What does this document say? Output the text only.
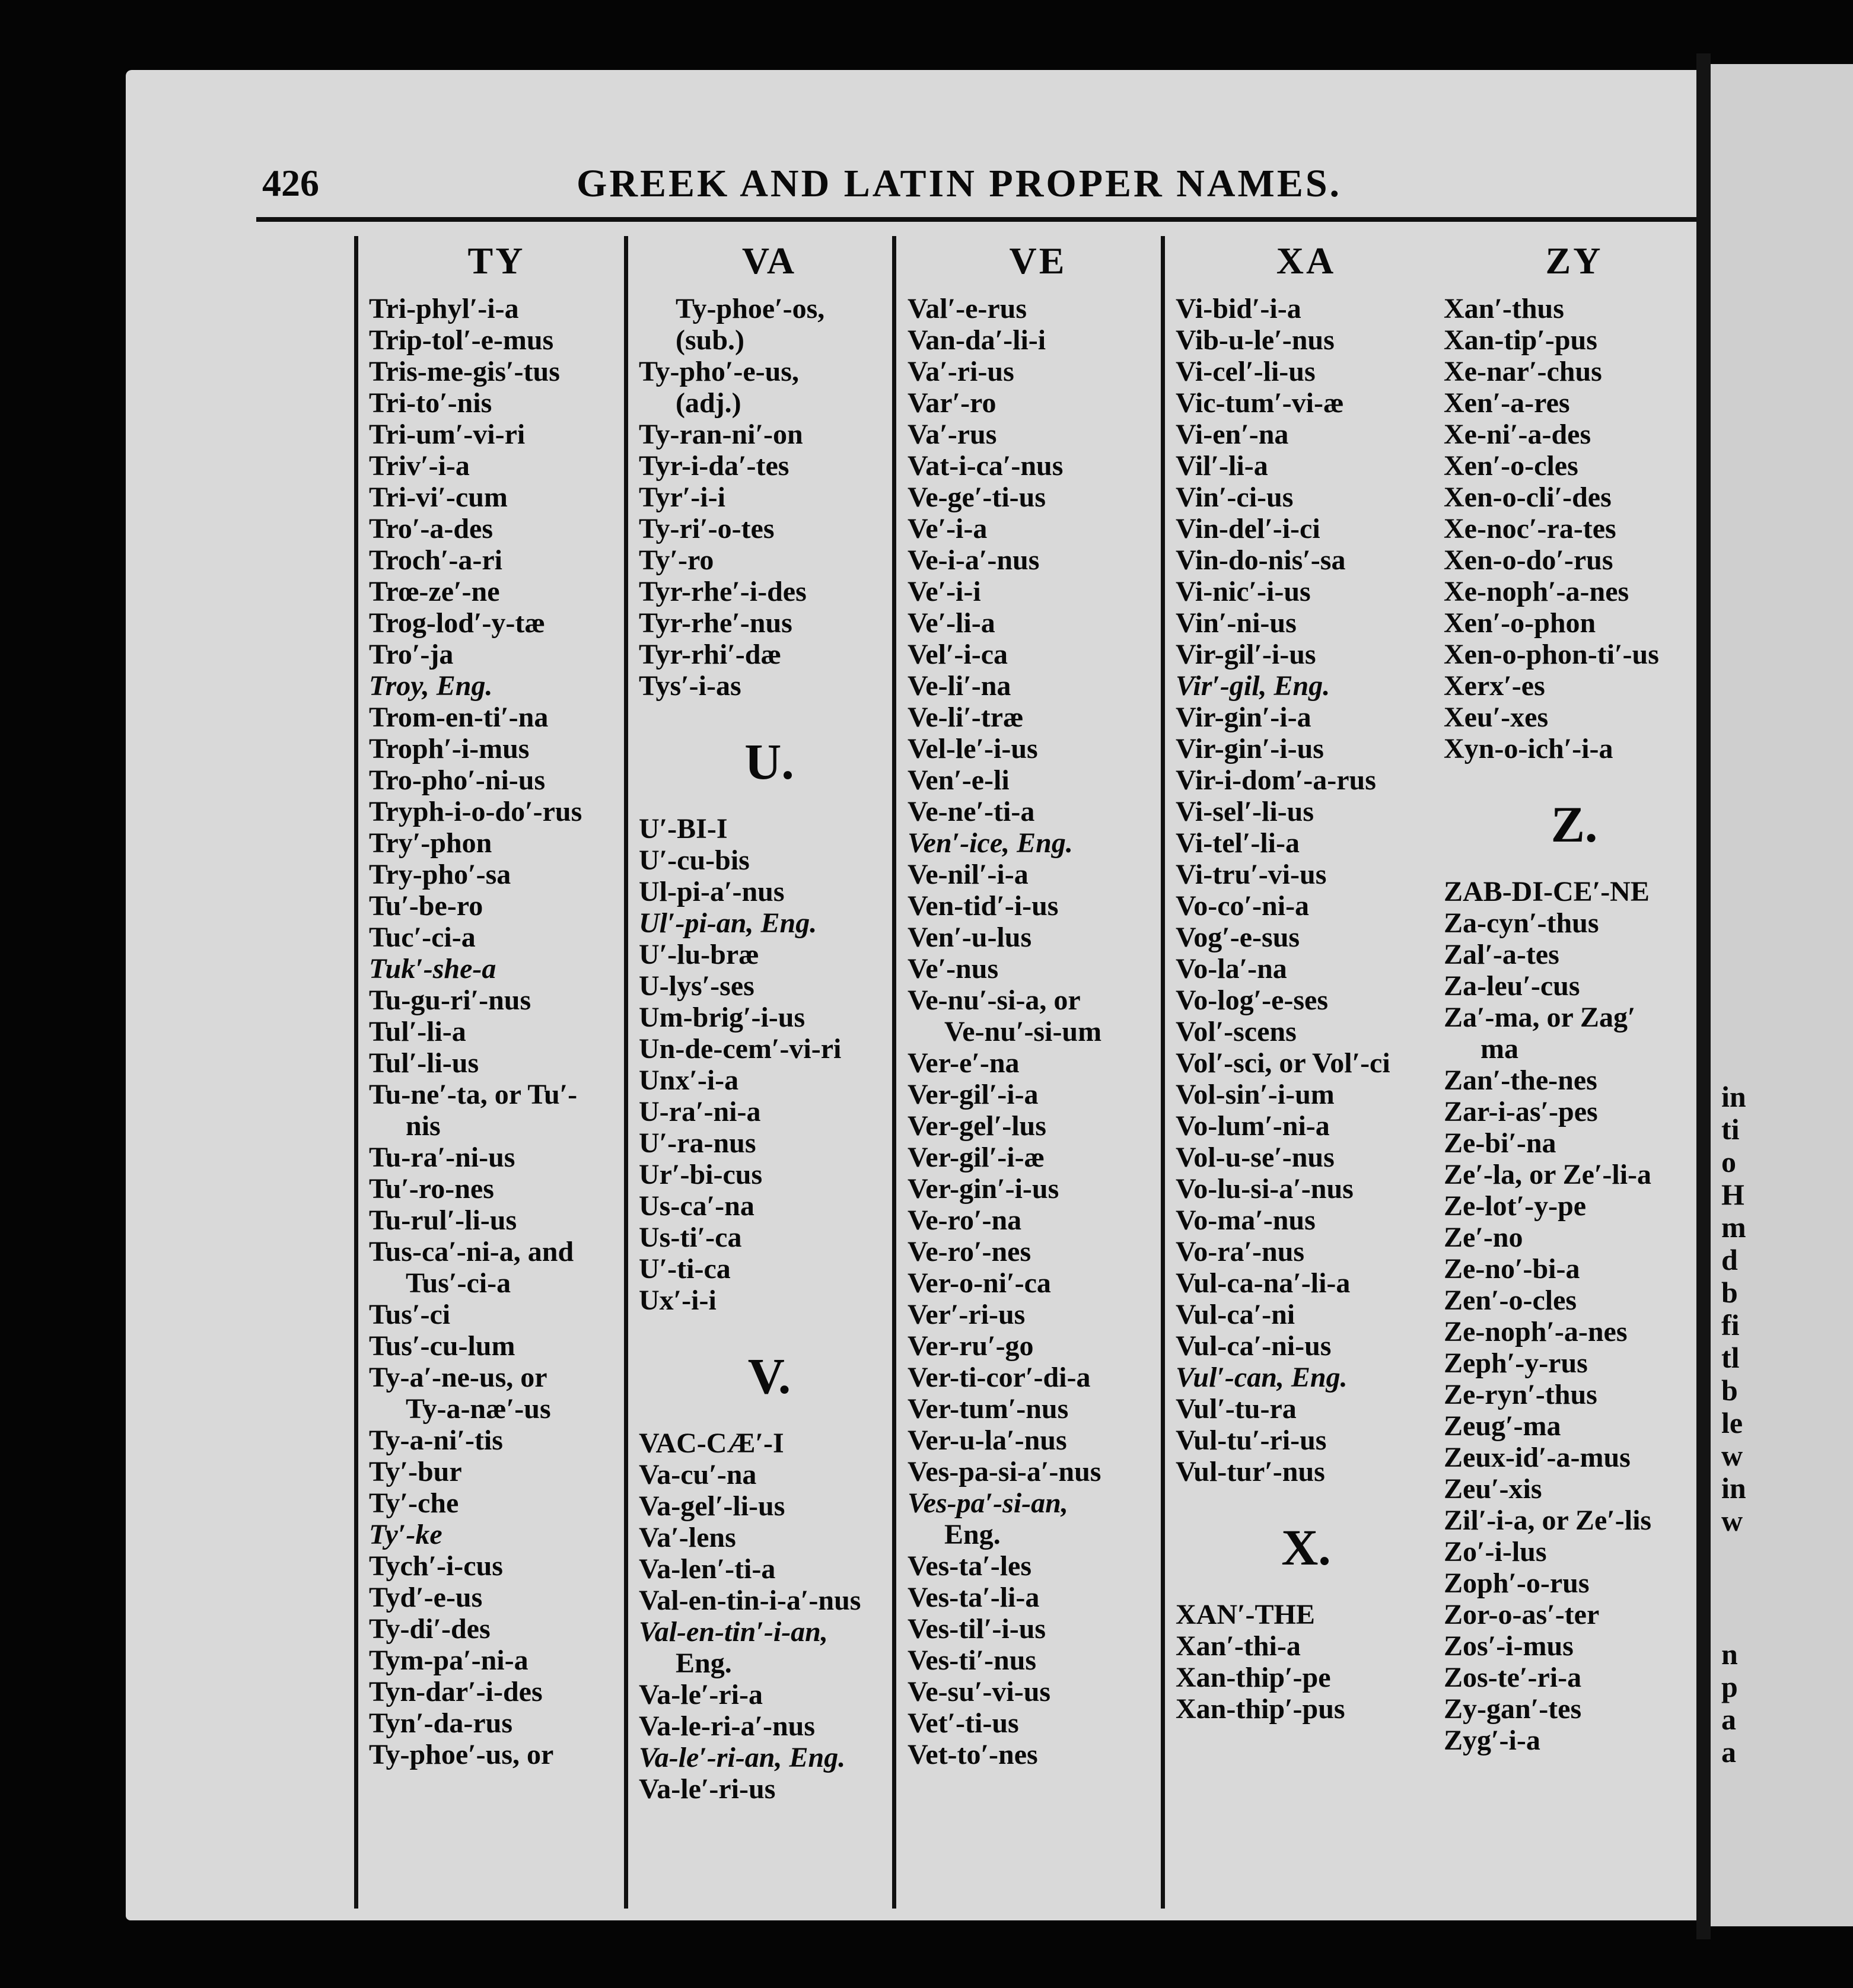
426	GREEK AND LATIN PROPER NAMES.
TY
Tri-phyl′-i-a
Trip-tol′-e-mus
Tris-me-gis′-tus
Tri-to′-nis
Tri-um′-vi-ri
Triv′-i-a
Tri-vi′-cum
Tro′-a-des
Troch′-a-ri
Trœ-ze′-ne
Trog-lod′-y-tæ
Tro′-ja
Troy, Eng.
Trom-en-ti′-na
Troph′-i-mus
Tro-pho′-ni-us
Tryph-i-o-do′-rus
Try′-phon
Try-pho′-sa
Tu′-be-ro
Tuc′-ci-a
Tuk′-she-a
Tu-gu-ri′-nus
Tul′-li-a
Tul′-li-us
Tu-ne′-ta, or Tu′-
nis
Tu-ra′-ni-us
Tu′-ro-nes
Tu-rul′-li-us
Tus-ca′-ni-a, and
Tus′-ci-a
Tus′-ci
Tus′-cu-lum
Ty-a′-ne-us, or
Ty-a-næ′-us
Ty-a-ni′-tis
Ty′-bur
Ty′-che
Ty′-ke
Tych′-i-cus
Tyd′-e-us
Ty-di′-des
Tym-pa′-ni-a
Tyn-dar′-i-des
Tyn′-da-rus
Ty-phoe′-us, or
VA
Ty-phoe′-os,
(sub.)
Ty-pho′-e-us,
(adj.)
Ty-ran-ni′-on
Tyr-i-da′-tes
Tyr′-i-i
Ty-ri′-o-tes
Ty′-ro
Tyr-rhe′-i-des
Tyr-rhe′-nus
Tyr-rhi′-dæ
Tys′-i-as
U.
U′-BI-I
U′-cu-bis
Ul-pi-a′-nus
Ul′-pi-an, Eng.
U′-lu-bræ
U-lys′-ses
Um-brig′-i-us
Un-de-cem′-vi-ri
Unx′-i-a
U-ra′-ni-a
U′-ra-nus
Ur′-bi-cus
Us-ca′-na
Us-ti′-ca
U′-ti-ca
Ux′-i-i
V.
VAC-CÆ′-I
Va-cu′-na
Va-gel′-li-us
Va′-lens
Va-len′-ti-a
Val-en-tin-i-a′-nus
Val-en-tin′-i-an,
Eng.
Va-le′-ri-a
Va-le-ri-a′-nus
Va-le′-ri-an, Eng.
Va-le′-ri-us
VE
Val′-e-rus
Van-da′-li-i
Va′-ri-us
Var′-ro
Va′-rus
Vat-i-ca′-nus
Ve-ge′-ti-us
Ve′-i-a
Ve-i-a′-nus
Ve′-i-i
Ve′-li-a
Vel′-i-ca
Ve-li′-na
Ve-li′-træ
Vel-le′-i-us
Ven′-e-li
Ve-ne′-ti-a
Ven′-ice, Eng.
Ve-nil′-i-a
Ven-tid′-i-us
Ven′-u-lus
Ve′-nus
Ve-nu′-si-a, or
Ve-nu′-si-um
Ver-e′-na
Ver-gil′-i-a
Ver-gel′-lus
Ver-gil′-i-æ
Ver-gin′-i-us
Ve-ro′-na
Ve-ro′-nes
Ver-o-ni′-ca
Ver′-ri-us
Ver-ru′-go
Ver-ti-cor′-di-a
Ver-tum′-nus
Ver-u-la′-nus
Ves-pa-si-a′-nus
Ves-pa′-si-an,
Eng.
Ves-ta′-les
Ves-ta′-li-a
Ves-til′-i-us
Ves-ti′-nus
Ve-su′-vi-us
Vet′-ti-us
Vet-to′-nes
XA
Vi-bid′-i-a
Vib-u-le′-nus
Vi-cel′-li-us
Vic-tum′-vi-æ
Vi-en′-na
Vil′-li-a
Vin′-ci-us
Vin-del′-i-ci
Vin-do-nis′-sa
Vi-nic′-i-us
Vin′-ni-us
Vir-gil′-i-us
Vir′-gil, Eng.
Vir-gin′-i-a
Vir-gin′-i-us
Vir-i-dom′-a-rus
Vi-sel′-li-us
Vi-tel′-li-a
Vi-tru′-vi-us
Vo-co′-ni-a
Vog′-e-sus
Vo-la′-na
Vo-log′-e-ses
Vol′-scens
Vol′-sci, or Vol′-ci
Vol-sin′-i-um
Vo-lum′-ni-a
Vol-u-se′-nus
Vo-lu-si-a′-nus
Vo-ma′-nus
Vo-ra′-nus
Vul-ca-na′-li-a
Vul-ca′-ni
Vul-ca′-ni-us
Vul′-can, Eng.
Vul′-tu-ra
Vul-tu′-ri-us
Vul-tur′-nus
X.
XAN′-THE
Xan′-thi-a
Xan-thip′-pe
Xan-thip′-pus
ZY
Xan′-thus
Xan-tip′-pus
Xe-nar′-chus
Xen′-a-res
Xe-ni′-a-des
Xen′-o-cles
Xen-o-cli′-des
Xe-noc′-ra-tes
Xen-o-do′-rus
Xe-noph′-a-nes
Xen′-o-phon
Xen-o-phon-ti′-us
Xerx′-es
Xeu′-xes
Xyn-o-ich′-i-a
Z.
ZAB-DI-CE′-NE
Za-cyn′-thus
Zal′-a-tes
Za-leu′-cus
Za′-ma, or Zag′
ma
Zan′-the-nes
Zar-i-as′-pes
Ze-bi′-na
Ze′-la, or Ze′-li-a
Ze-lot′-y-pe
Ze′-no
Ze-no′-bi-a
Zen′-o-cles
Ze-noph′-a-nes
Zeph′-y-rus
Ze-ryn′-thus
Zeug′-ma
Zeux-id′-a-mus
Zeu′-xis
Zil′-i-a, or Ze′-lis
Zo′-i-lus
Zoph′-o-rus
Zor-o-as′-ter
Zos′-i-mus
Zos-te′-ri-a
Zy-gan′-tes
Zyg′-i-a
in
ti
o
H
m
d
b
fi
tl
b
le
w
in
w
n
p
a
a
